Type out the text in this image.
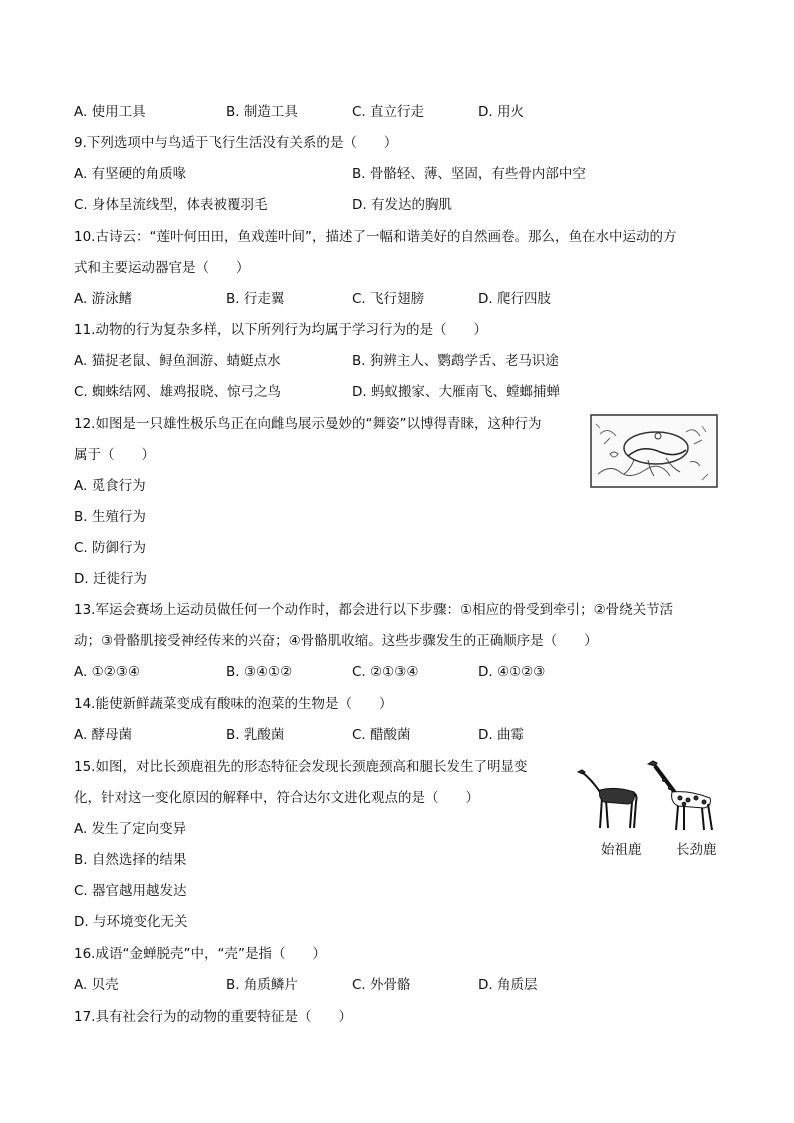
A. 使用工具	B. 制造工具	C. 直立行走	D. 用火
9.下列选项中与鸟适于飞行生活没有关系的是（　　）
A. 有坚硬的角质喙	B. 骨骼轻、薄、坚固，有些骨内部中空
C. 身体呈流线型，体表被覆羽毛	D. 有发达的胸肌
10.古诗云：“莲叶何田田，鱼戏莲叶间”，描述了一幅和谐美好的自然画卷。那么，鱼在水中运动的方
式和主要运动器官是（　　）
A. 游泳鳍	B. 行走翼	C. 飞行翅膀	D. 爬行四肢
11.动物的行为复杂多样，以下所列行为均属于学习行为的是（　　）
A. 猫捉老鼠、鲟鱼洄游、蜻蜓点水	B. 狗辨主人、鹦鹉学舌、老马识途
C. 蜘蛛结网、雄鸡报晓、惊弓之鸟	D. 蚂蚁搬家、大雁南飞、螳螂捕蝉
12.如图是一只雄性极乐鸟正在向雌鸟展示曼妙的“舞姿”以博得青睐，这种行为
属于（　　）
A. 觅食行为
B. 生殖行为
C. 防御行为
D. 迁徙行为
13.军运会赛场上运动员做任何一个动作时，都会进行以下步骤：①相应的骨受到牵引；②骨绕关节活
动；③骨骼肌接受神经传来的兴奋；④骨骼肌收缩。这些步骤发生的正确顺序是（　　）
A. ①②③④	B. ③④①②	C. ②①③④	D. ④①②③
14.能使新鲜蔬菜变成有酸味的泡菜的生物是（　　）
A. 酵母菌	B. 乳酸菌	C. 醋酸菌	D. 曲霉
15.如图，对比长颈鹿祖先的形态特征会发现长颈鹿颈高和腿长发生了明显变
化，针对这一变化原因的解释中，符合达尔文进化观点的是（　　）
A. 发生了定向变异
B. 自然选择的结果
C. 器官越用越发达
D. 与环境变化无关
始祖鹿	长劲鹿
16.成语“金蝉脱壳”中，“壳”是指（　　）
A. 贝壳	B. 角质鳞片	C. 外骨骼	D. 角质层
17.具有社会行为的动物的重要特征是（　　）
